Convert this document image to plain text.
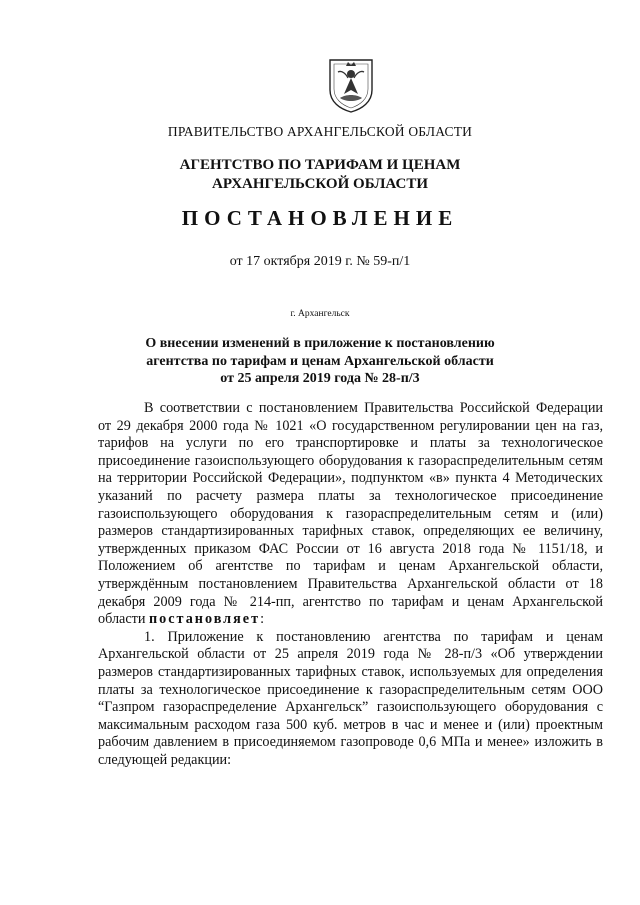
ПРАВИТЕЛЬСТВО АРХАНГЕЛЬСКОЙ ОБЛАСТИ
АГЕНТСТВО ПО ТАРИФАМ И ЦЕНАМ
АРХАНГЕЛЬСКОЙ ОБЛАСТИ
ПОСТАНОВЛЕНИЕ
от 17 октября 2019 г. № 59-п/1
г. Архангельск
О внесении изменений в приложение к постановлению
агентства по тарифам и ценам Архангельской области
от 25 апреля 2019 года № 28-п/3

В соответствии с постановлением Правительства Российской Федерации от 29 декабря 2000 года № 1021 «О государственном регулировании цен на газ, тарифов на услуги по его транспортировке и платы за технологическое присоединение газоиспользующего оборудования к газораспределительным сетям на территории Российской Федерации», подпунктом «в» пункта 4 Методических указаний по расчету размера платы за технологическое присоединение газоиспользующего оборудования к газораспределительным сетям и (или) размеров стандартизированных тарифных ставок, определяющих ее величину, утвержденных приказом ФАС России от 16 августа 2018 года № 1151/18, и Положением об агентстве по тарифам и ценам Архангельской области, утверждённым постановлением Правительства Архангельской области от 18 декабря 2009 года № 214-пп, агентство по тарифам и ценам Архангельской области постановляет:

1. Приложение к постановлению агентства по тарифам и ценам Архангельской области от 25 апреля 2019 года № 28-п/3 «Об утверждении размеров стандартизированных тарифных ставок, используемых для определения платы за технологическое присоединение к газораспределительным сетям ООО “Газпром газораспределение Архангельск” газоиспользующего оборудования с максимальным расходом газа 500 куб. метров в час и менее и (или) проектным рабочим давлением в присоединяемом газопроводе 0,6 МПа и менее» изложить в следующей редакции:
